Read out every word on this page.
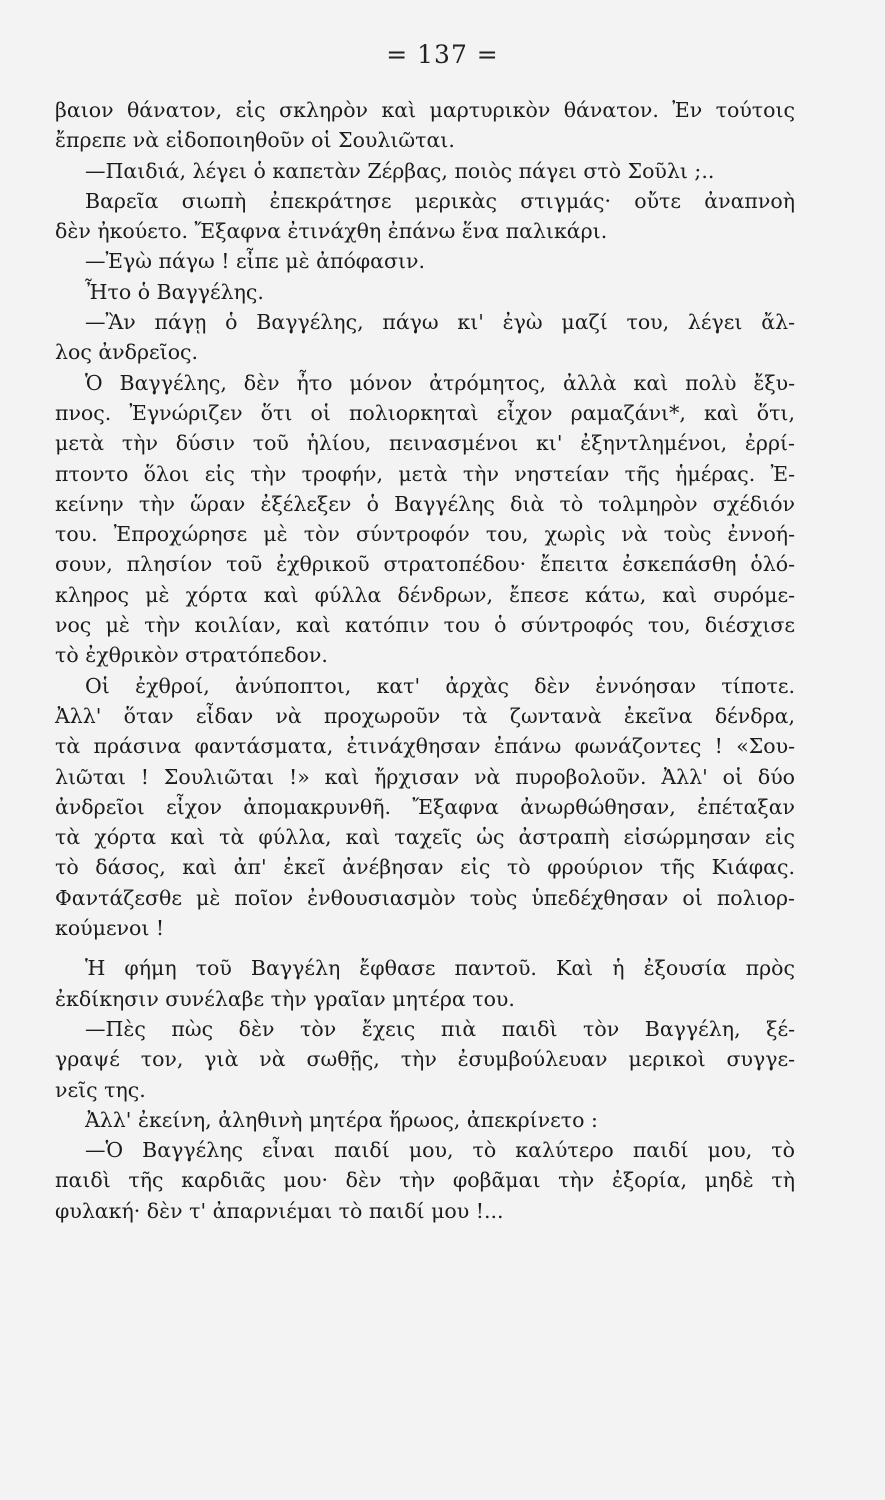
= 137 =
βαιον θάνατον, εἰς σκληρὸν καὶ μαρτυρικὸν θάνατον. Ἐν τούτοις
ἔπρεπε νὰ εἰδοποιηθοῦν οἱ Σουλιῶται.
—Παιδιά, λέγει ὁ καπετὰν Ζέρβας, ποιὸς πάγει στὸ Σοῦλι ;..
Βαρεῖα σιωπὴ ἐπεκράτησε μερικὰς στιγμάς· οὔτε ἀναπνοὴ
δὲν ἠκούετο. Ἔξαφνα ἐτινάχθη ἐπάνω ἕνα παλικάρι.
—Ἐγὼ πάγω ! εἶπε μὲ ἀπόφασιν.
Ἦτο ὁ Βαγγέλης.
—Ἂν πάγῃ ὁ Βαγγέλης, πάγω κι' ἐγὼ μαζί του, λέγει ἄλ-
λος ἀνδρεῖος.
Ὁ Βαγγέλης, δὲν ἦτο μόνον ἀτρόμητος, ἀλλὰ καὶ πολὺ ἔξυ-
πνος. Ἐγνώριζεν ὅτι οἱ πολιορκηταὶ εἶχον ραμαζάνι*, καὶ ὅτι,
μετὰ τὴν δύσιν τοῦ ἡλίου, πεινασμένοι κι' ἐξηντλημένοι, ἐρρί-
πτοντο ὅλοι εἰς τὴν τροφήν, μετὰ τὴν νηστείαν τῆς ἡμέρας. Ἐ-
κείνην τὴν ὥραν ἐξέλεξεν ὁ Βαγγέλης διὰ τὸ τολμηρὸν σχέδιόν
του. Ἐπροχώρησε μὲ τὸν σύντροφόν του, χωρὶς νὰ τοὺς ἐννοή-
σουν, πλησίον τοῦ ἐχθρικοῦ στρατοπέδου· ἔπειτα ἐσκεπάσθη ὁλό-
κληρος μὲ χόρτα καὶ φύλλα δένδρων, ἔπεσε κάτω, καὶ συρόμε-
νος μὲ τὴν κοιλίαν, καὶ κατόπιν του ὁ σύντροφός του, διέσχισε
τὸ ἐχθρικὸν στρατόπεδον.
Οἱ ἐχθροί, ἀνύποπτοι, κατ' ἀρχὰς δὲν ἐννόησαν τίποτε.
Ἀλλ' ὅταν εἶδαν νὰ προχωροῦν τὰ ζωντανὰ ἐκεῖνα δένδρα,
τὰ πράσινα φαντάσματα, ἐτινάχθησαν ἐπάνω φωνάζοντες ! «Σου-
λιῶται ! Σουλιῶται !» καὶ ἤρχισαν νὰ πυροβολοῦν. Ἀλλ' οἱ δύο
ἀνδρεῖοι εἶχον ἀπομακρυνθῆ. Ἔξαφνα ἀνωρθώθησαν, ἐπέταξαν
τὰ χόρτα καὶ τὰ φύλλα, καὶ ταχεῖς ὡς ἀστραπὴ εἰσώρμησαν εἰς
τὸ δάσος, καὶ ἀπ' ἐκεῖ ἀνέβησαν εἰς τὸ φρούριον τῆς Κιάφας.
Φαντάζεσθε μὲ ποῖον ἐνθουσιασμὸν τοὺς ὑπεδέχθησαν οἱ πολιορ-
κούμενοι !
Ἡ φήμη τοῦ Βαγγέλη ἔφθασε παντοῦ. Καὶ ἡ ἐξουσία πρὸς
ἐκδίκησιν συνέλαβε τὴν γραῖαν μητέρα του.
—Πὲς πὼς δὲν τὸν ἔχεις πιὰ παιδὶ τὸν Βαγγέλη, ξέ-
γραψέ τον, γιὰ νὰ σωθῇς, τὴν ἐσυμβούλευαν μερικοὶ συγγε-
νεῖς της.
Ἀλλ' ἐκείνη, ἀληθινὴ μητέρα ἥρωος, ἀπεκρίνετο :
—Ὁ Βαγγέλης εἶναι παιδί μου, τὸ καλύτερο παιδί μου, τὸ
παιδὶ τῆς καρδιᾶς μου· δὲν τὴν φοβᾶμαι τὴν ἐξορία, μηδὲ τὴ
φυλακή· δὲν τ' ἀπαρνιέμαι τὸ παιδί μου !...
